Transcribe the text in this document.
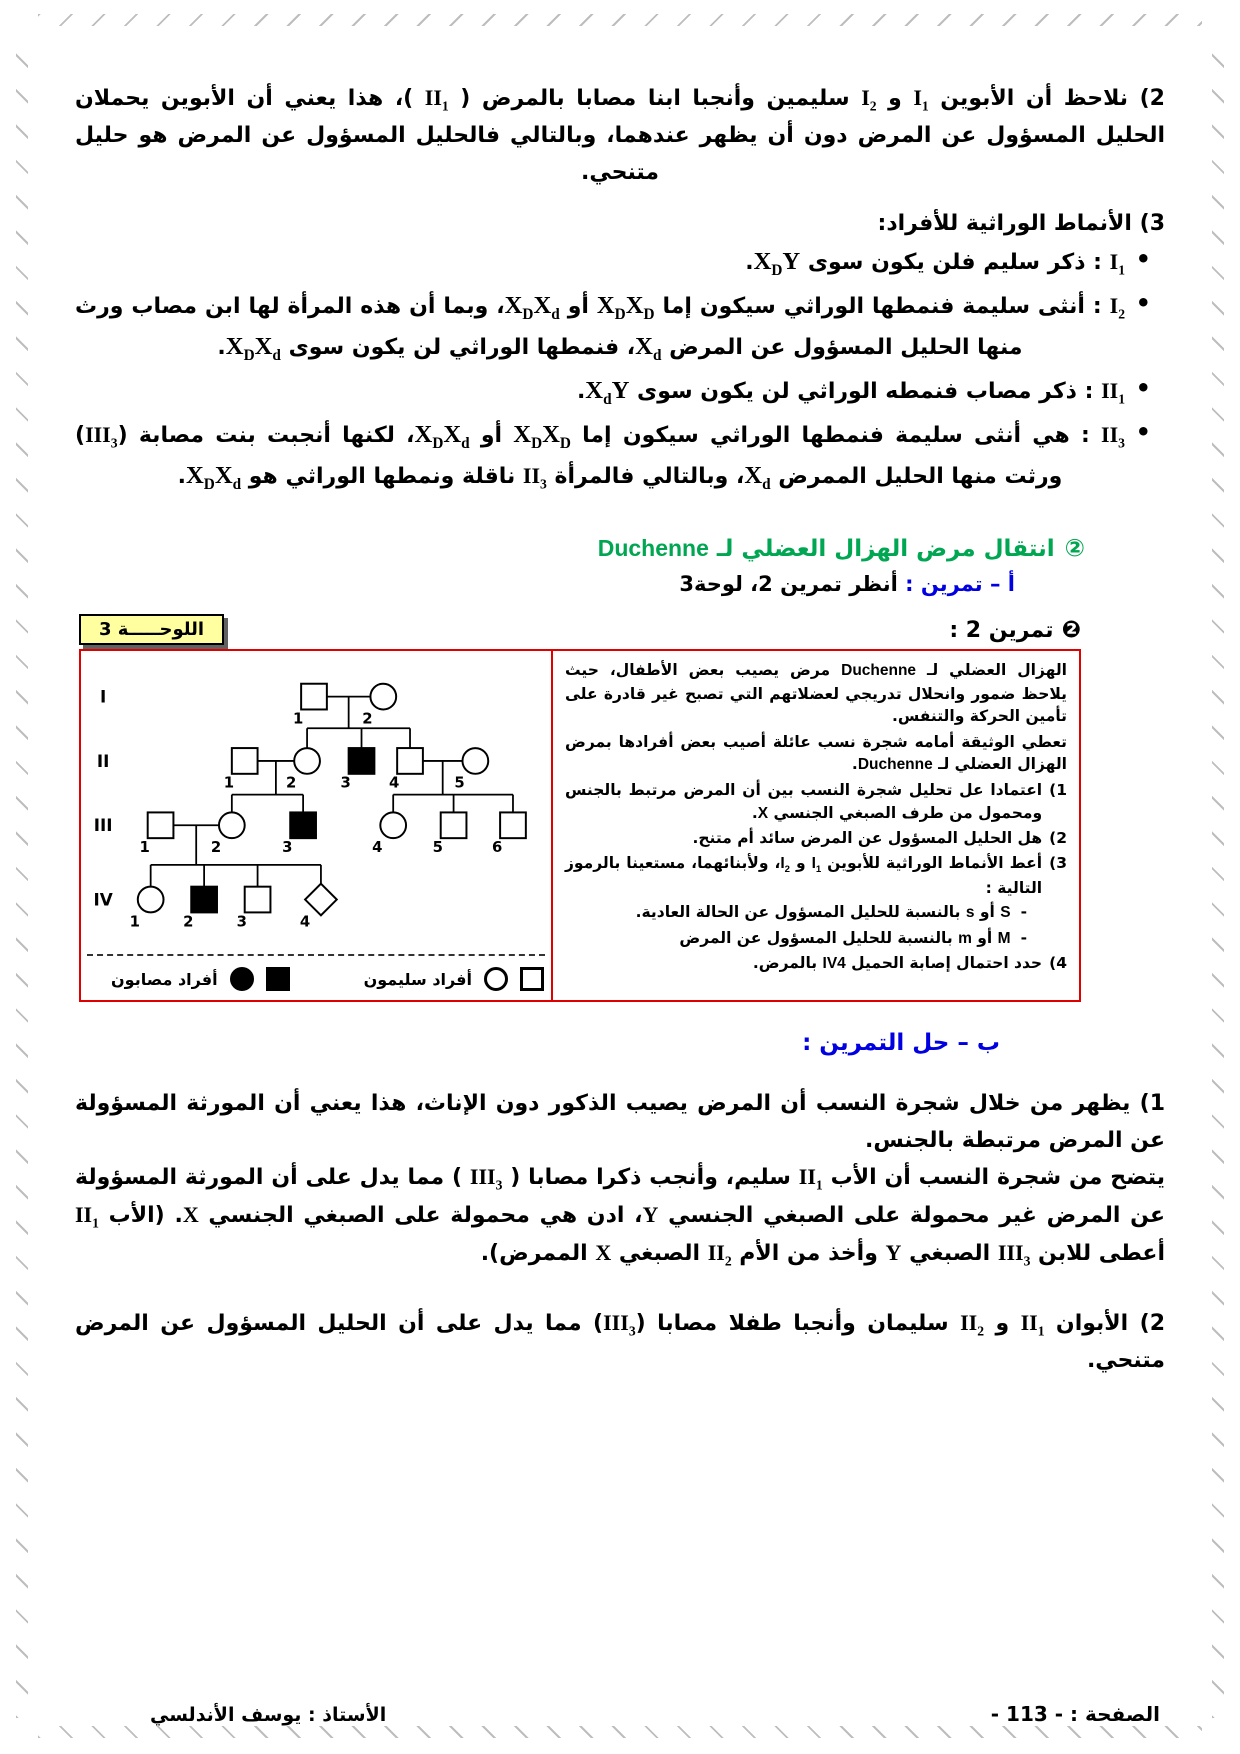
2) نلاحظ أن الأبوين $I_1$ و $I_2$ سليمين وأنجبا ابنا مصابا بالمرض ( $II_1$ )، هذا يعني أن الأبوين يحملان الحليل المسؤول عن المرض دون أن يظهر عندهما، وبالتالي فالحليل المسؤول عن المرض هو حليل متنحي.

3) الأنماط الوراثية للأفراد:

• $I_1$ : ذكر سليم فلن يكون سوى $X_DY$.
• $I_2$ : أنثى سليمة فنمطها الوراثي سيكون إما $X_DX_D$ أو $X_DX_d،$ وبما أن هذه المرأة لها ابن مصاب ورث منها الحليل المسؤول عن المرض $X_d،$ فنمطها الوراثي لن يكون سوى $X_DX_d$.
• $II_1$ : ذكر مصاب فنمطه الوراثي لن يكون سوى $X_dY$.
• $II_3$ : هي أنثى سليمة فنمطها الوراثي سيكون إما $X_DX_D$ أو $X_DX_d،$ لكنها أنجبت بنت مصابة $(III_3)$ ورثت منها الحليل الممرض $X_d،$ وبالتالي فالمرأة $II_3$ ناقلة ونمطها الوراثي هو $X_DX_d$.
②انتقال مرض الهزال العضلي لـ Duchenne
أ – تمرين : أنظر تمرين 2، لوحة3
اللوحـــــة 3	❷تمرين 2 :
1	2
1	2	3	4	5
1	2	3	4	5	6
1	2	3	4
I
II
III
IV
أفراد مصابون	أفراد سليمون

الهزال العضلي لـ Duchenne مرض يصيب بعض الأطفال، حيث يلاحظ ضمور وانحلال تدريجي لعضلاتهم التي تصبح غير قادرة على تأمين الحركة والتنفس.

تعطي الوثيقة أمامه شجرة نسب عائلة أصيب بعض أفرادها بمرض الهزال العضلي لـ Duchenne.

1)
اعتمادا عل تحليل شجرة النسب بين أن المرض مرتبط بالجنس ومحمول من طرف الصبغي الجنسي X.
2)
هل الحليل المسؤول عن المرض سائد أم متنح.
3)
أعط الأنماط الوراثية للأبوين $I_1$ و $I_2،$ ولأبنائهما، مستعينا بالرموز التالية :
-
S أو s بالنسبة للحليل المسؤول عن الحالة العادية.
-
M أو m بالنسبة للحليل المسؤول عن المرض
4)
حدد احتمال إصابة الحميل IV4 بالمرض.
ب – حل التمرين :

1) يظهر من خلال شجرة النسب أن المرض يصيب الذكور دون الإناث، هذا يعني أن المورثة المسؤولة عن المرض مرتبطة بالجنس.
يتضح من شجرة النسب أن الأب $II_1$ سليم، وأنجب ذكرا مصابا ( $III_3$ ) مما يدل على أن المورثة المسؤولة عن المرض غير محمولة على الصبغي الجنسي Y، ادن هي محمولة على الصبغي الجنسي X. (الأب $II_1$ أعطى للابن $III_3$ الصبغي Y وأخذ من الأم $II_2$ الصبغي X الممرض).

2) الأبوان $II_1$ و $II_2$ سليمان وأنجبا طفلا مصابا $(III_3)$ مما يدل على أن الحليل المسؤول عن المرض متنحي.

الأستاذ : يوسف الأندلسي	الصفحة : - 113 -
